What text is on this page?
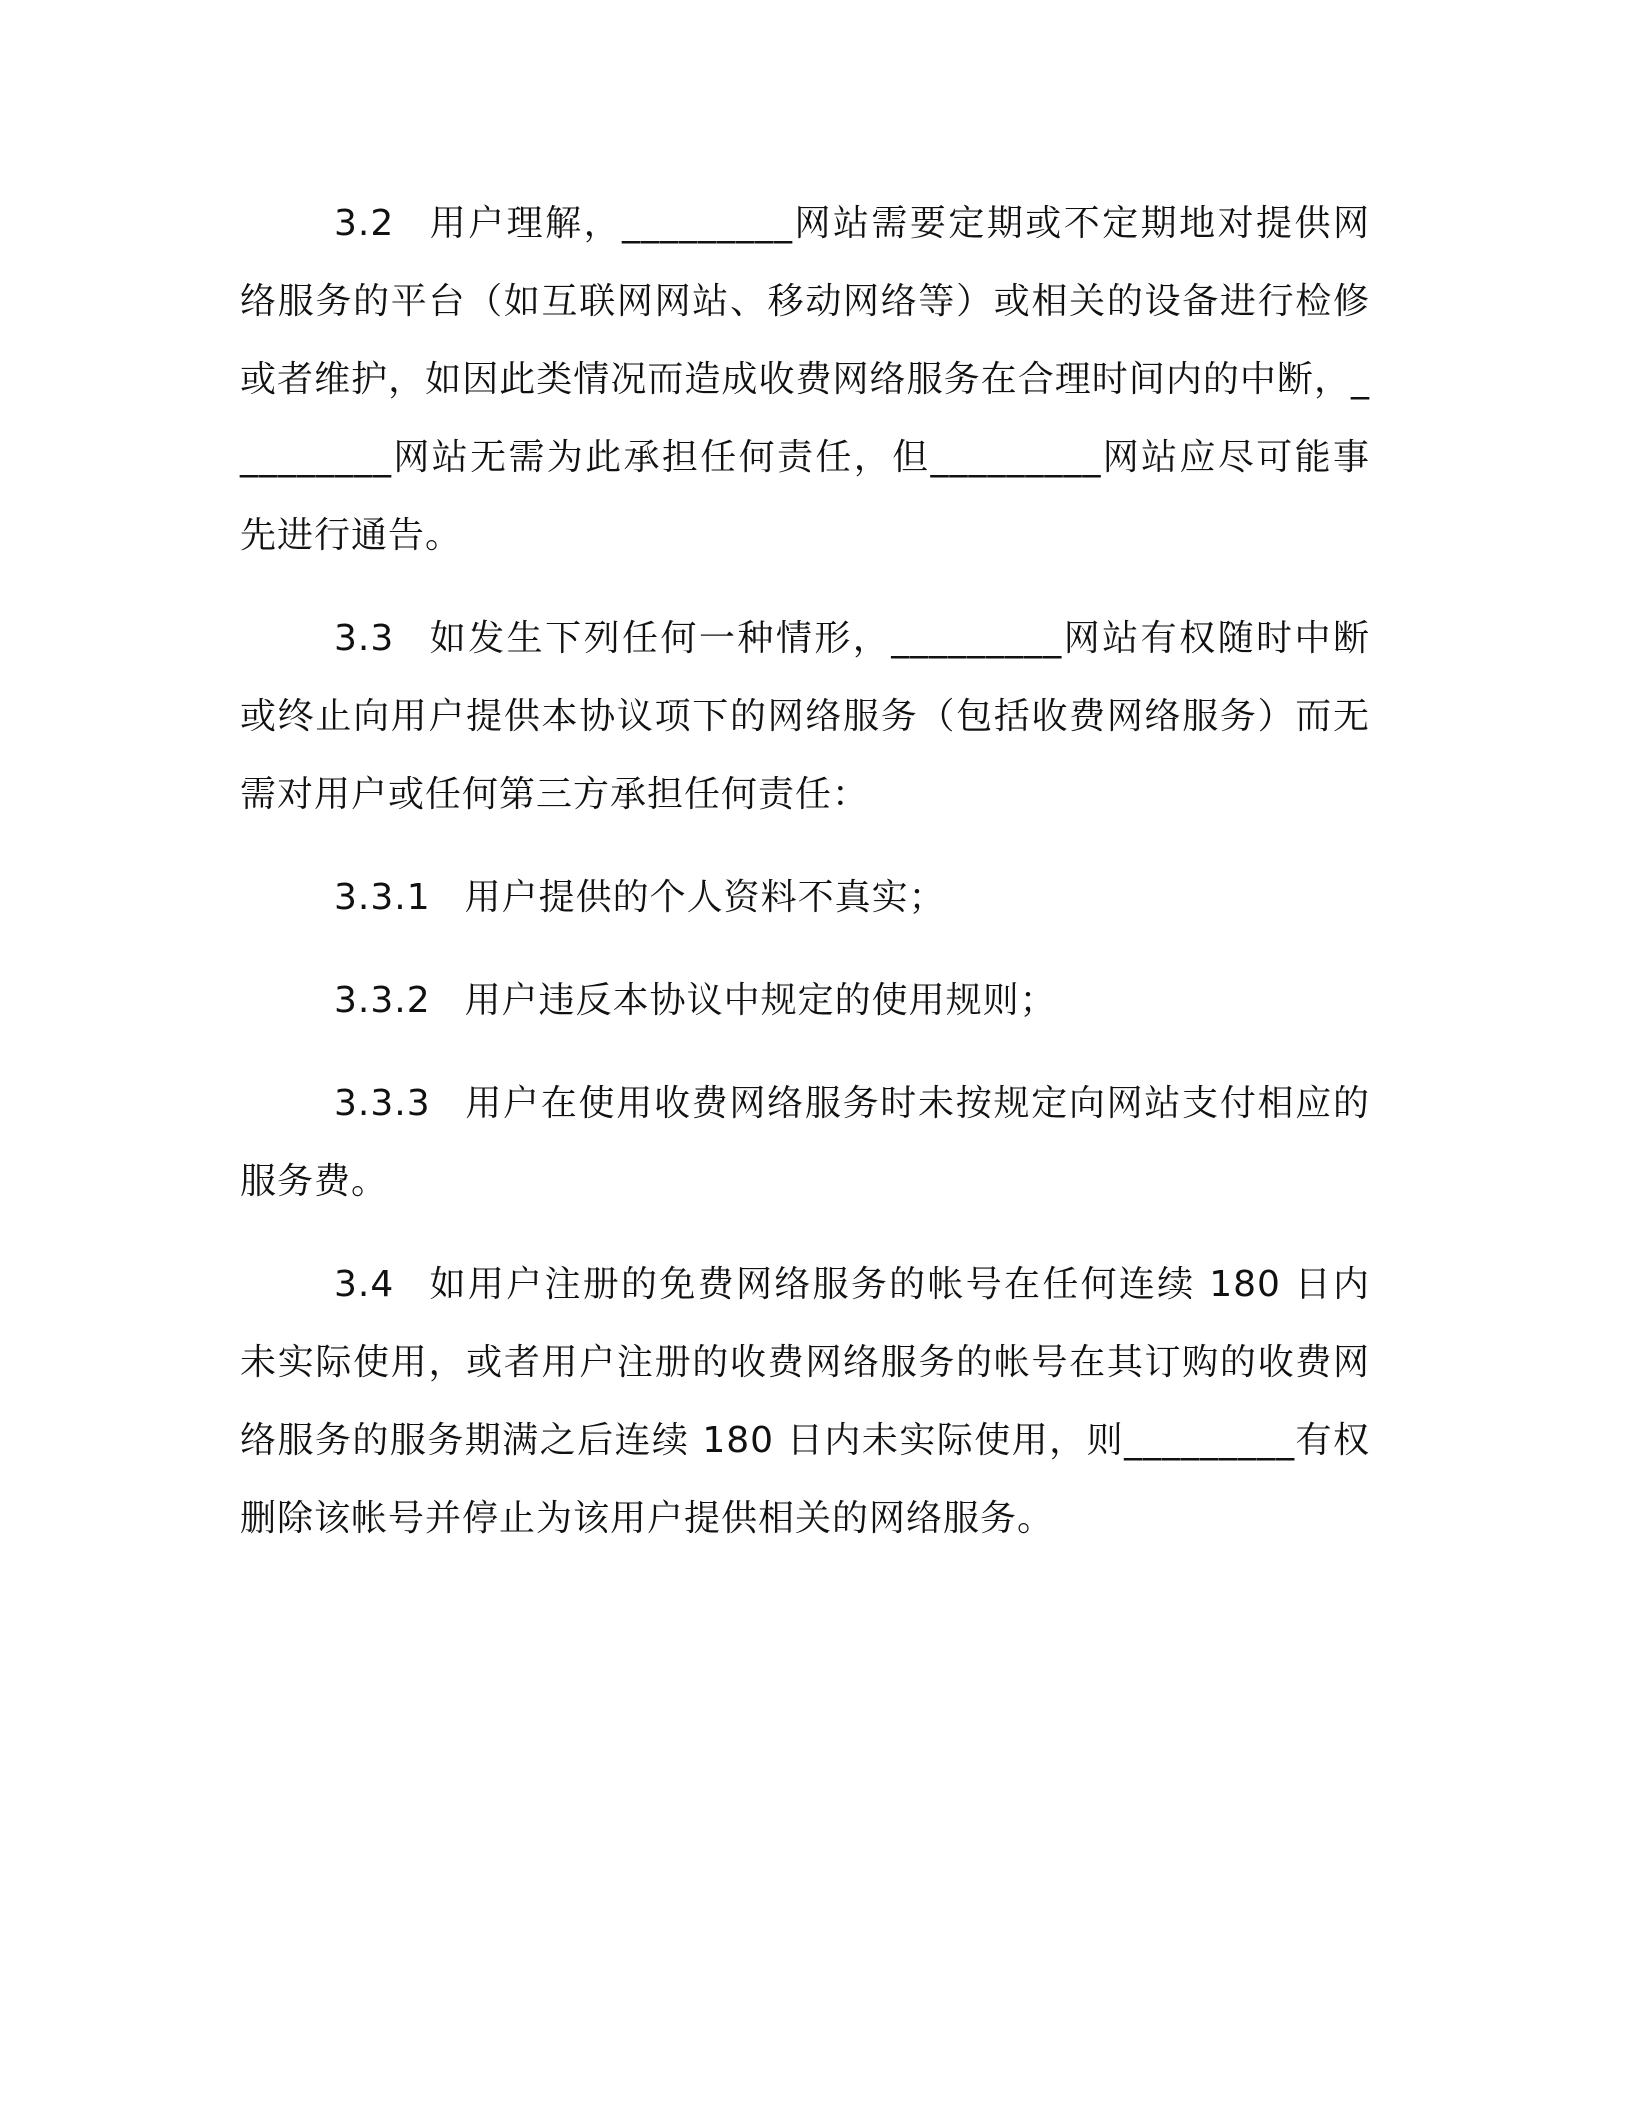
3.2 用户理解，_________网站需要定期或不定期地对提供网络服务的平台（如互联网网站、移动网络等）或相关的设备进行检修或者维护，如因此类情况而造成收费网络服务在合理时间内的中断，_________网站无需为此承担任何责任，但_________网站应尽可能事先进行通告。

3.3 如发生下列任何一种情形，_________网站有权随时中断或终止向用户提供本协议项下的网络服务（包括收费网络服务）而无需对用户或任何第三方承担任何责任：

3.3.1 用户提供的个人资料不真实；

3.3.2 用户违反本协议中规定的使用规则；

3.3.3 用户在使用收费网络服务时未按规定向网站支付相应的服务费。

3.4 如用户注册的免费网络服务的帐号在任何连续 180 日内未实际使用，或者用户注册的收费网络服务的帐号在其订购的收费网络服务的服务期满之后连续 180 日内未实际使用，则_________有权删除该帐号并停止为该用户提供相关的网络服务。
